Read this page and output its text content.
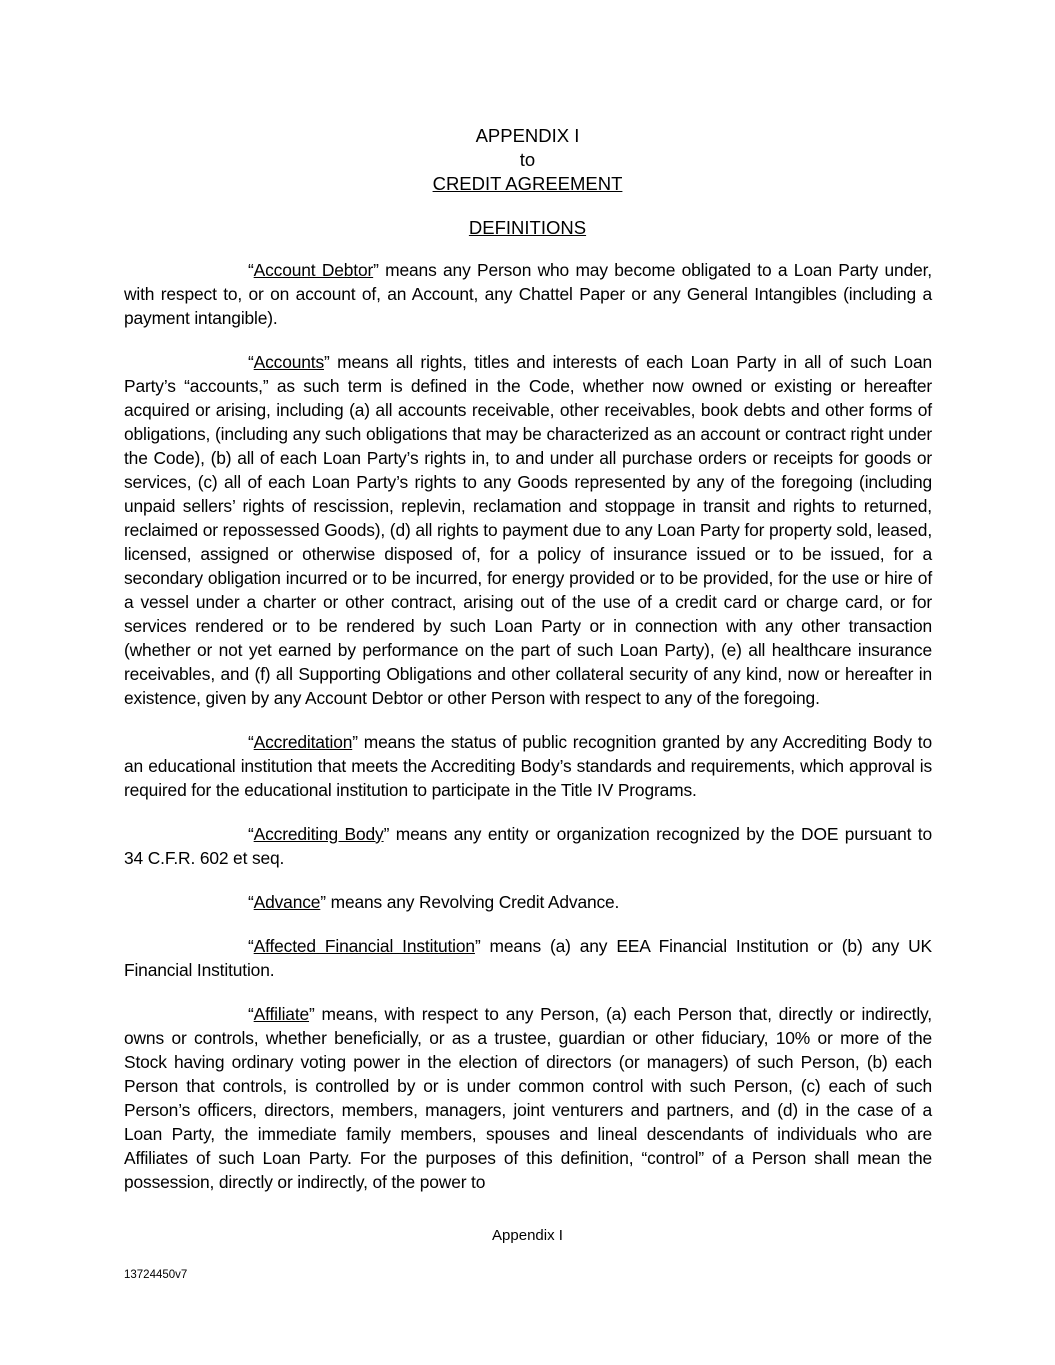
APPENDIX I
to
CREDIT AGREEMENT
DEFINITIONS

“Account Debtor” means any Person who may become obligated to a Loan Party under, with respect to, or on account of, an Account, any Chattel Paper or any General Intangibles (including a payment intangible).

“Accounts” means all rights, titles and interests of each Loan Party in all of such Loan Party’s “accounts,” as such term is defined in the Code, whether now owned or existing or hereafter acquired or arising, including (a) all accounts receivable, other receivables, book debts and other forms of obligations, (including any such obligations that may be characterized as an account or contract right under the Code), (b) all of each Loan Party’s rights in, to and under all purchase orders or receipts for goods or services, (c) all of each Loan Party’s rights to any Goods represented by any of the foregoing (including unpaid sellers’ rights of rescission, replevin, reclamation and stoppage in transit and rights to returned, reclaimed or repossessed Goods), (d) all rights to payment due to any Loan Party for property sold, leased, licensed, assigned or otherwise disposed of, for a policy of insurance issued or to be issued, for a secondary obligation incurred or to be incurred, for energy provided or to be provided, for the use or hire of a vessel under a charter or other contract, arising out of the use of a credit card or charge card, or for services rendered or to be rendered by such Loan Party or in connection with any other transaction (whether or not yet earned by performance on the part of such Loan Party), (e) all healthcare insurance receivables, and (f) all Supporting Obligations and other collateral security of any kind, now or hereafter in existence, given by any Account Debtor or other Person with respect to any of the foregoing.

“Accreditation” means the status of public recognition granted by any Accrediting Body to an educational institution that meets the Accrediting Body’s standards and requirements, which approval is required for the educational institution to participate in the Title IV Programs.

“Accrediting Body” means any entity or organization recognized by the DOE pursuant to 34 C.F.R. 602 et seq.

“Advance” means any Revolving Credit Advance.

“Affected Financial Institution” means (a) any EEA Financial Institution or (b) any UK Financial Institution.

“Affiliate” means, with respect to any Person, (a) each Person that, directly or indirectly, owns or controls, whether beneficially, or as a trustee, guardian or other fiduciary, 10% or more of the Stock having ordinary voting power in the election of directors (or managers) of such Person, (b) each Person that controls, is controlled by or is under common control with such Person, (c) each of such Person’s officers, directors, members, managers, joint venturers and partners, and (d) in the case of a Loan Party, the immediate family members, spouses and lineal descendants of individuals who are Affiliates of such Loan Party. For the purposes of this definition, “control” of a Person shall mean the possession, directly or indirectly, of the power to

Appendix I
13724450v7
